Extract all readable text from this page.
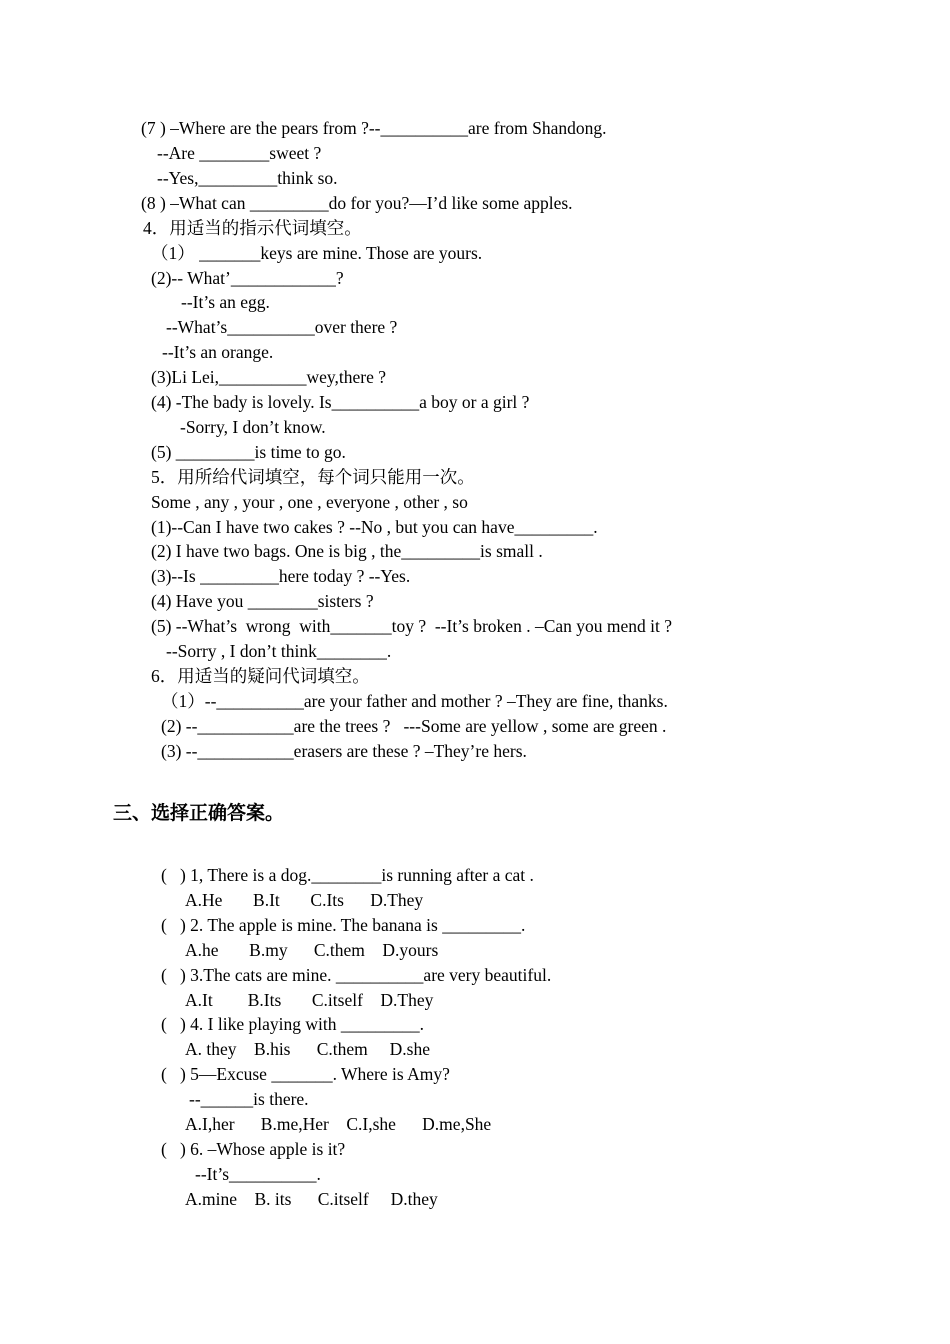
(7 ) –Where are the pears from ?--__________are from Shandong.

--Are ________sweet ?

--Yes,_________think so.

(8 ) –What can _________do for you?—I’d like some apples.

4．用适当的指示代词填空。

（1） _______keys are mine. Those are yours.

(2)-- What’____________?

--It’s an egg.

--What’s__________over there ?

--It’s an orange.

(3)Li Lei,__________wey,there ?

(4) -The bady is lovely. Is__________a boy or a girl ?

-Sorry, I don’t know.

(5) _________is time to go.

5．用所给代词填空，每个词只能用一次。

Some , any , your , one , everyone , other , so

(1)--Can I have two cakes ? --No , but you can have_________.

(2) I have two bags. One is big , the_________is small .

(3)--Is _________here today ? --Yes.

(4) Have you ________sisters ?

(5) --What’s  wrong  with_______toy ?  --It’s broken . –Can you mend it ?

--Sorry , I don’t think________.

6．用适当的疑问代词填空。

（1）--__________are your father and mother ? –They are fine, thanks.

(2) --___________are the trees ?   ---Some are yellow , some are green .

(3) --___________erasers are these ? –They’re hers.

三、选择正确答案。

(   ) 1, There is a dog.________is running after a cat .

A.He       B.It       C.Its      D.They

(   ) 2. The apple is mine. The banana is _________.

A.he       B.my      C.them    D.yours

(   ) 3.The cats are mine. __________are very beautiful.

A.It        B.Its       C.itself    D.They

(   ) 4. I like playing with _________.

A. they    B.his      C.them     D.she

(   ) 5—Excuse _______. Where is Amy?

--______is there.

A.I,her      B.me,Her    C.I,she      D.me,She

(   ) 6. –Whose apple is it?

--It’s__________.

A.mine    B. its      C.itself     D.they
